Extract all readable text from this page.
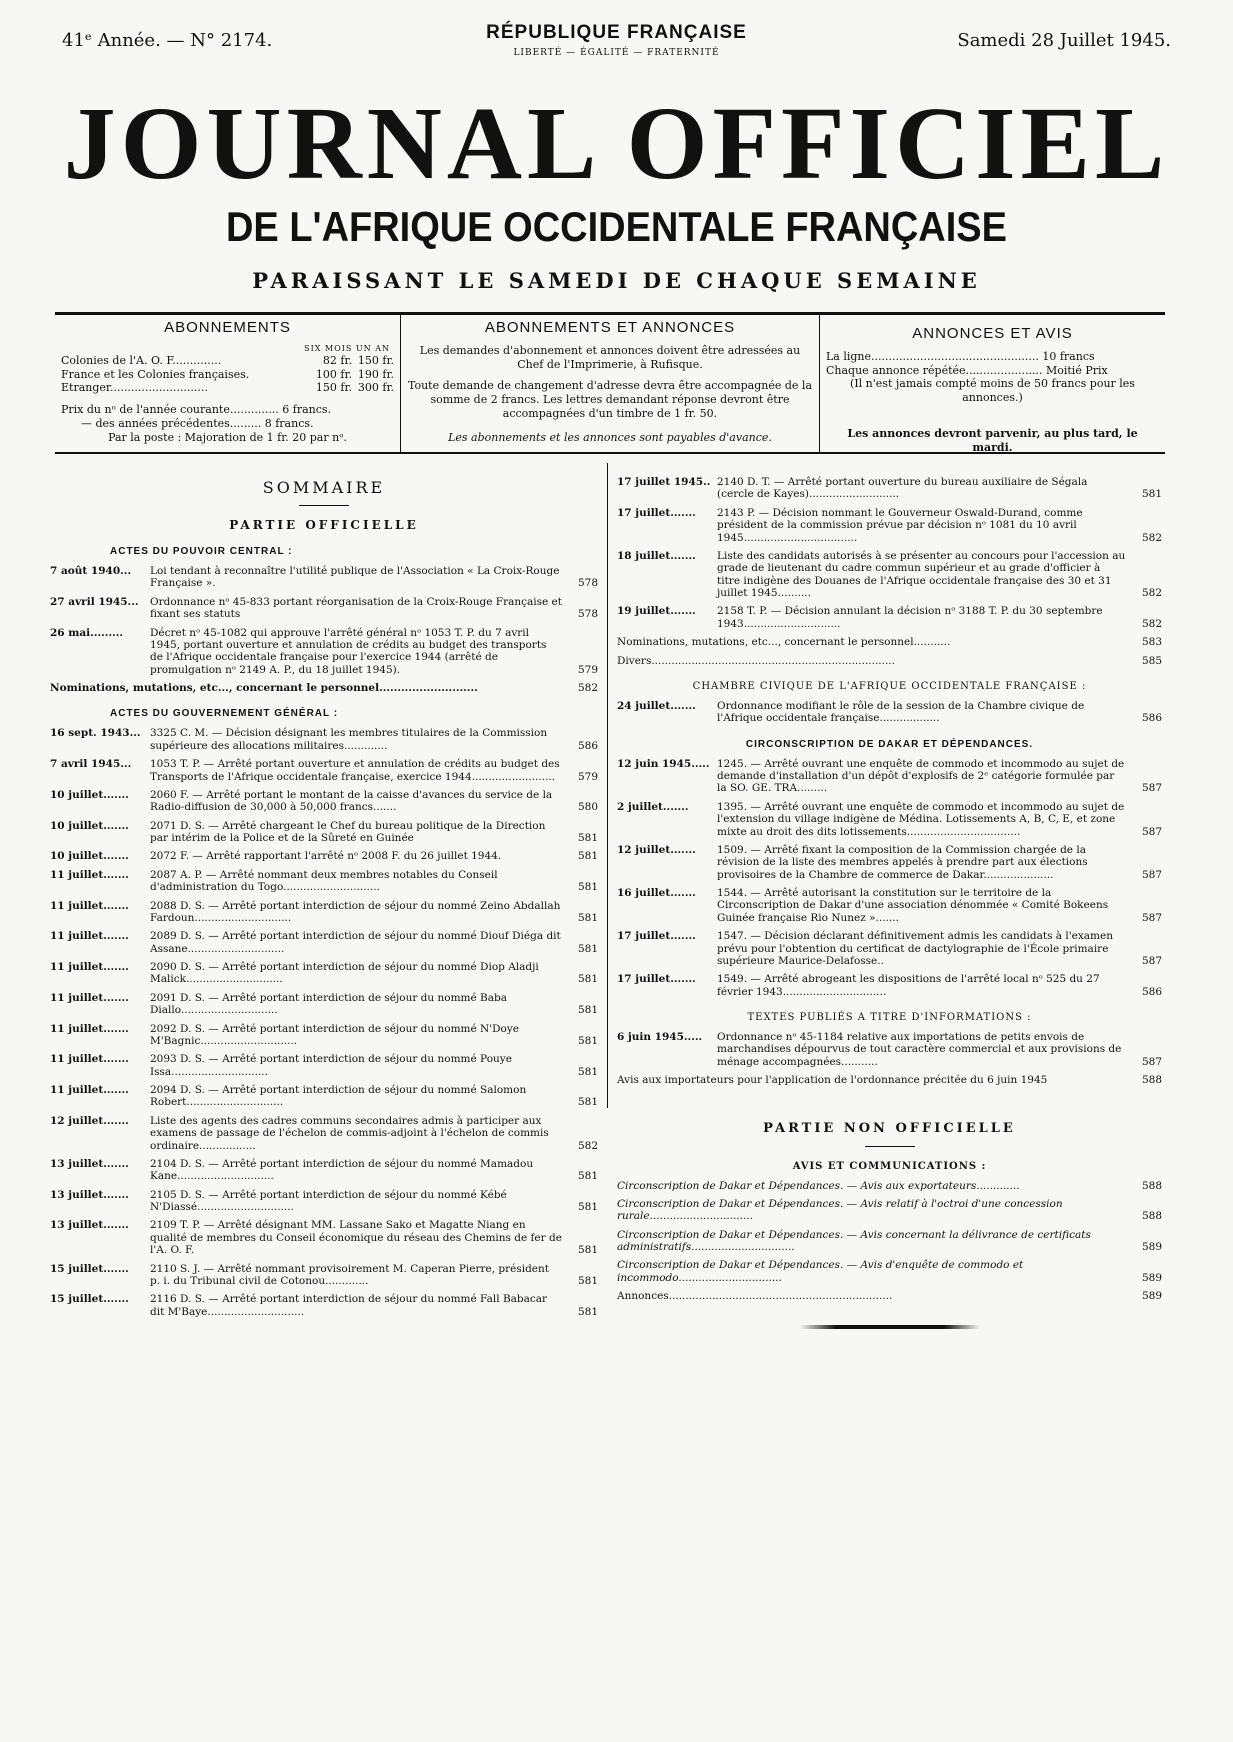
41ᵉ Année. — N° 2174.	RÉPUBLIQUE FRANÇAISE
LIBERTÉ — ÉGALITÉ — FRATERNITÉ
Samedi 28 Juillet 1945.
JOURNAL OFFICIEL
DE L'AFRIQUE OCCIDENTALE FRANÇAISE
PARAISSANT LE SAMEDI DE CHAQUE SEMAINE
ABONNEMENTS
SIX MOIS UN AN
Colonies de l'A. O. F..............	82 fr. 150 fr.
France et les Colonies françaises.	100 fr. 190 fr.
Etranger............................	150 fr. 300 fr.
Prix du nᵒ de l'année courante.............. 6 francs.
— des années précédentes......... 8 francs.
Par la poste : Majoration de 1 fr. 20 par nᵒ.
ABONNEMENTS ET ANNONCES
Les demandes d'abonnement et annonces doivent être adressées au Chef de l'Imprimerie, à Rufisque.
Toute demande de changement d'adresse devra être accompagnée de la somme de 2 francs. Les lettres demandant réponse devront être accompagnées d'un timbre de 1 fr. 50.
Les abonnements et les annonces sont payables d'avance.
ANNONCES ET AVIS
La ligne................................................ 10 francs
Chaque annonce répétée...................... Moitié Prix
(Il n'est jamais compté moins de 50 francs pour les annonces.)
Les annonces devront parvenir, au plus tard, le mardi.
SOMMAIRE
PARTIE OFFICIELLE
ACTES DU POUVOIR CENTRAL :
7 août 1940...	Loi tendant à reconnaître l'utilité publique de l'Association « La Croix-Rouge Française ».	578
27 avril 1945...	Ordonnance nᵒ 45-833 portant réorganisation de la Croix-Rouge Française et fixant ses statuts	578
26 mai.........	Décret nᵒ 45-1082 qui approuve l'arrêté général nᵒ 1053 T. P. du 7 avril 1945, portant ouverture et annulation de crédits au budget des transports de l'Afrique occidentale française pour l'exercice 1944 (arrêté de promulgation nᵒ 2149 A. P., du 18 juillet 1945).	579
Nominations, mutations, etc..., concernant le personnel...........................	582
ACTES DU GOUVERNEMENT GÉNÉRAL :
16 sept. 1943... 3325 C. M. — Décision désignant les membres titulaires de la Commission supérieure des allocations militaires.............	586
7 avril 1945...	1053 T. P. — Arrêté portant ouverture et annulation de crédits au budget des Transports de l'Afrique occidentale française, exercice 1944.........................	579
10 juillet.......	2060 F. — Arrêté portant le montant de la caisse d'avances du service de la Radio-diffusion de 30,000 à 50,000 francs.......	580
10 juillet.......	2071 D. S. — Arrêté chargeant le Chef du bureau politique de la Direction par intérim de la Police et de la Sûreté en Guinée	581
10 juillet.......	2072 F. — Arrêté rapportant l'arrêté nᵒ 2008 F. du 26 juillet 1944.	581
11 juillet.......	2087 A. P. — Arrêté nommant deux membres notables du Conseil d'administration du Togo.............................	581
11 juillet.......	2088 D. S. — Arrêté portant interdiction de séjour du nommé Zeino Abdallah Fardoun.............................	581
11 juillet.......	2089 D. S. — Arrêté portant interdiction de séjour du nommé Diouf Diéga dit Assane.............................	581
11 juillet.......	2090 D. S. — Arrêté portant interdiction de séjour du nommé Diop Aladji Malick.............................	581
11 juillet.......	2091 D. S. — Arrêté portant interdiction de séjour du nommé Baba Diallo.............................	581
11 juillet.......	2092 D. S. — Arrêté portant interdiction de séjour du nommé N'Doye M'Bagnic.............................	581
11 juillet.......	2093 D. S. — Arrêté portant interdiction de séjour du nommé Pouye Issa.............................	581
11 juillet.......	2094 D. S. — Arrêté portant interdiction de séjour du nommé Salomon Robert.............................	581
12 juillet.......	Liste des agents des cadres communs secondaires admis à participer aux examens de passage de l'échelon de commis-adjoint à l'échelon de commis ordinaire.................	582
13 juillet.......	2104 D. S. — Arrêté portant interdiction de séjour du nommé Mamadou Kane.............................	581
13 juillet.......	2105 D. S. — Arrêté portant interdiction de séjour du nommé Kébé N'Diassé.............................	581
13 juillet.......	2109 T. P. — Arrêté désignant MM. Lassane Sako et Magatte Niang en qualité de membres du Conseil économique du réseau des Chemins de fer de l'A. O. F.	581
15 juillet.......	2110 S. J. — Arrêté nommant provisoirement M. Caperan Pierre, président p. i. du Tribunal civil de Cotonou.............	581
15 juillet.......	2116 D. S. — Arrêté portant interdiction de séjour du nommé Fall Babacar dit M'Baye.............................	581
17 juillet 1945.. 2140 D. T. — Arrêté portant ouverture du bureau auxiliaire de Ségala (cercle de Kayes)...........................	581
17 juillet.......	2143 P. — Décision nommant le Gouverneur Oswald-Durand, comme président de la commission prévue par décision nᵒ 1081 du 10 avril 1945..................................	582
18 juillet.......	Liste des candidats autorisés à se présenter au concours pour l'accession au grade de lieutenant du cadre commun supérieur et au grade d'officier à titre indigène des Douanes de l'Afrique occidentale française des 30 et 31 juillet 1945..........	582
19 juillet.......	2158 T. P. — Décision annulant la décision nᵒ 3188 T. P. du 30 septembre 1943.............................	582
Nominations, mutations, etc..., concernant le personnel...........	583
Divers.........................................................................	585
CHAMBRE CIVIQUE DE L'AFRIQUE OCCIDENTALE FRANÇAISE :
24 juillet.......	Ordonnance modifiant le rôle de la session de la Chambre civique de l'Afrique occidentale française..................	586
CIRCONSCRIPTION DE DAKAR ET DÉPENDANCES.
12 juin 1945..... 1245. — Arrêté ouvrant une enquête de commodo et incommodo au sujet de demande d'installation d'un dépôt d'explosifs de 2ᵉ catégorie formulée par la SO. GE. TRA.........	587
2 juillet.......	1395. — Arrêté ouvrant une enquête de commodo et incommodo au sujet de l'extension du village indigène de Médina. Lotissements A, B, C, E, et zone mixte au droit des dits lotissements..................................	587
12 juillet.......	1509. — Arrêté fixant la composition de la Commission chargée de la révision de la liste des membres appelés à prendre part aux élections provisoires de la Chambre de commerce de Dakar.....................	587
16 juillet.......	1544. — Arrêté autorisant la constitution sur le territoire de la Circonscription de Dakar d'une association dénommée « Comité Bokeens Guinée française Rio Nunez ».......	587
17 juillet.......	1547. — Décision déclarant définitivement admis les candidats à l'examen prévu pour l'obtention du certificat de dactylographie de l'École primaire supérieure Maurice-Delafosse..	587
17 juillet.......	1549. — Arrêté abrogeant les dispositions de l'arrêté local nᵒ 525 du 27 février 1943...............................	586
TEXTES PUBLIÉS A TITRE D'INFORMATIONS :
6 juin 1945.....	Ordonnance nᵒ 45-1184 relative aux importations de petits envois de marchandises dépourvus de tout caractère commercial et aux provisions de ménage accompagnées...........	587
Avis aux importateurs pour l'application de l'ordonnance précitée du 6 juin 1945	588
PARTIE NON OFFICIELLE
AVIS ET COMMUNICATIONS :
Circonscription de Dakar et Dépendances. — Avis aux exportateurs.............	588
Circonscription de Dakar et Dépendances. — Avis relatif à l'octroi d'une concession rurale...............................	588
Circonscription de Dakar et Dépendances. — Avis concernant la délivrance de certificats administratifs...............................	589
Circonscription de Dakar et Dépendances. — Avis d'enquête de commodo et incommodo...............................	589
Annonces...................................................................	589
